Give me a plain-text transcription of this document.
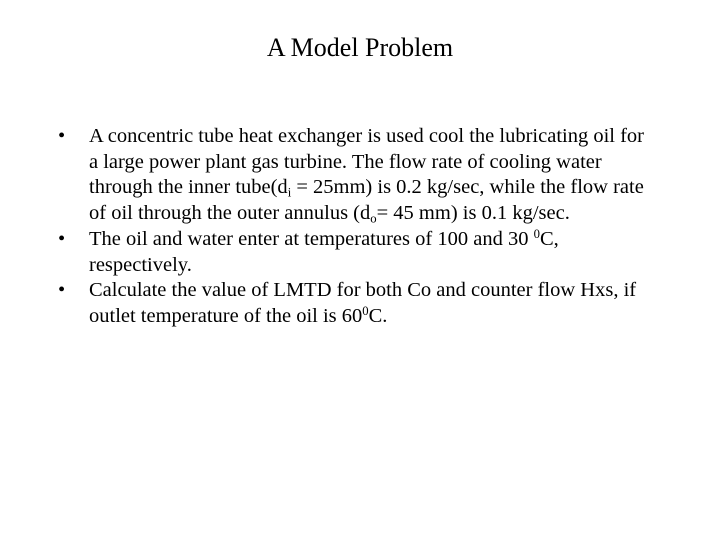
A Model Problem
• A concentric tube heat exchanger is used cool the lubricating oil for a large power plant gas turbine. The flow rate of cooling water through the inner $tube(d_i = 25mm)$ is 0.2 kg/sec, while the flow rate of oil through the outer annulus ($d_o= 45$ mm) is 0.1 kg/sec.
• The oil and water enter at temperatures of 100 and 30 $^0$C, respectively.
• Calculate the value of LMTD for both Co and counter flow Hxs, if outlet temperature of the oil is $60^0C$.
